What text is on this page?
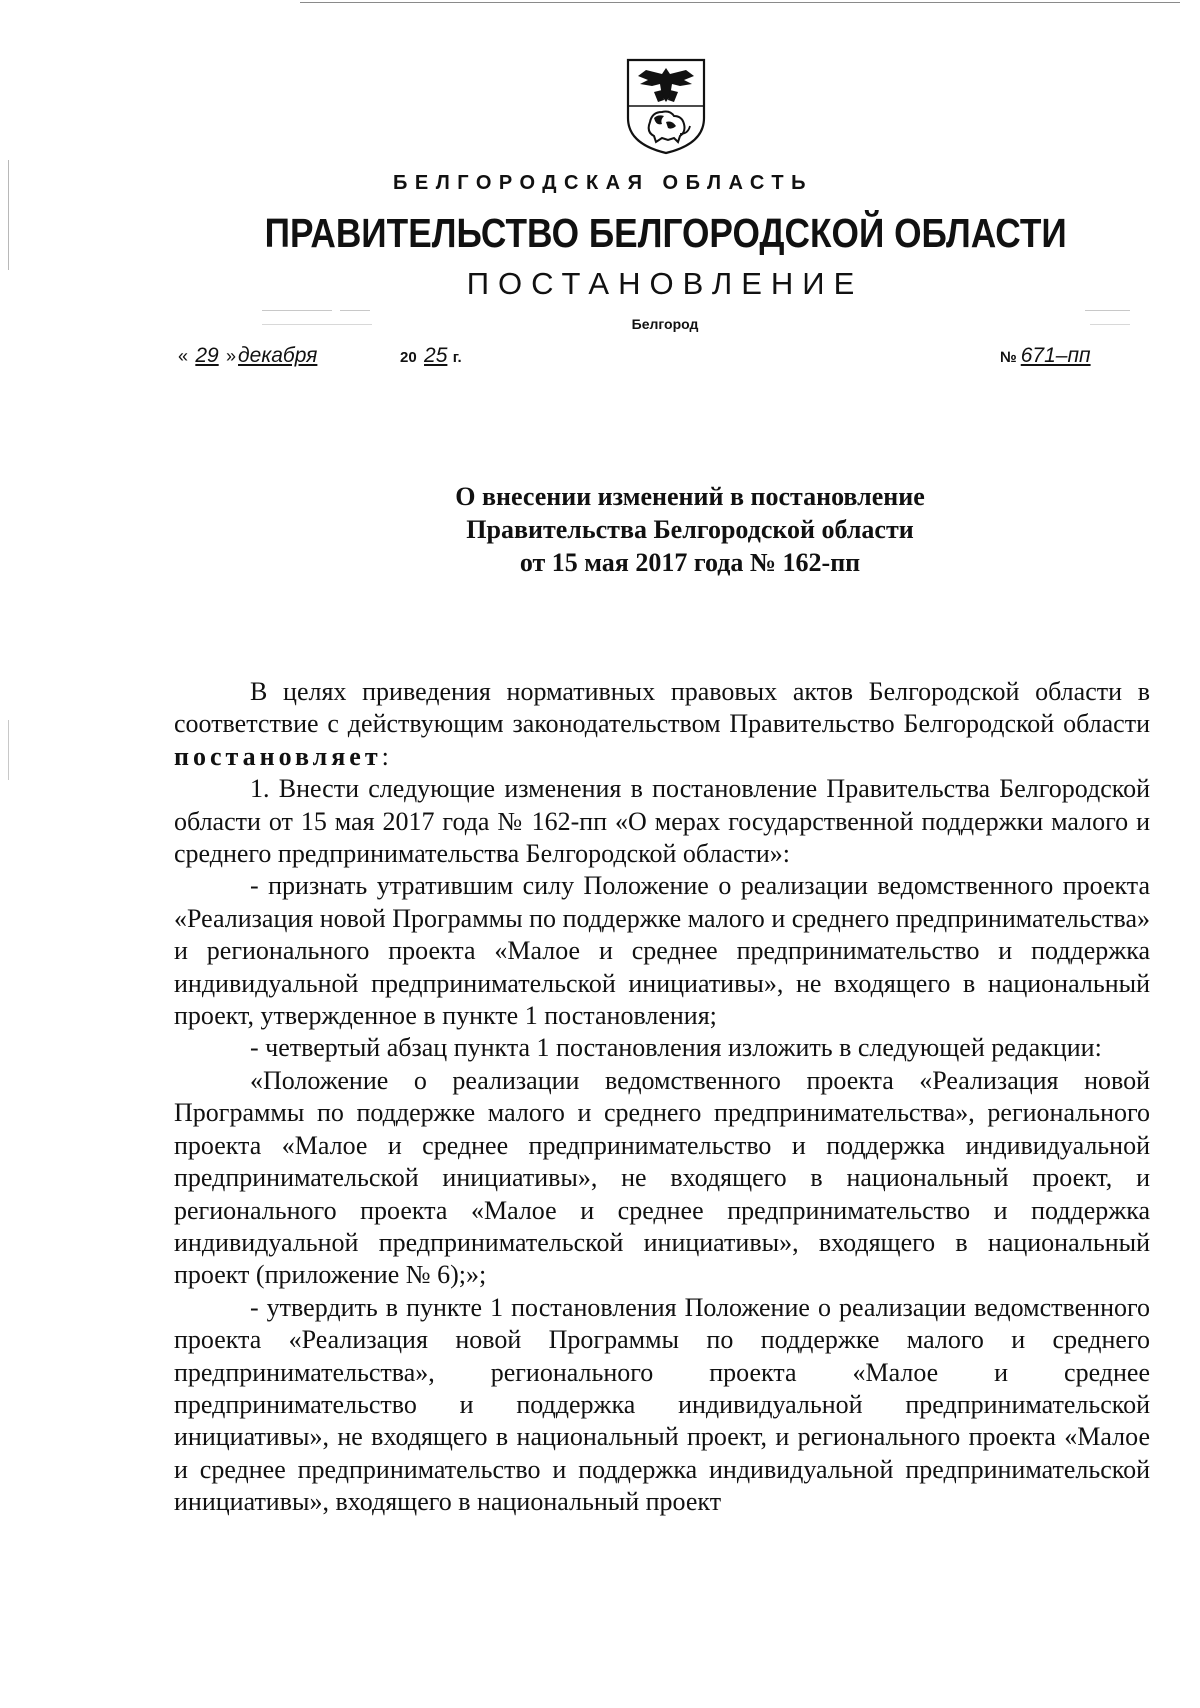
БЕЛГОРОДСКАЯ ОБЛАСТЬ
ПРАВИТЕЛЬСТВО БЕЛГОРОДСКОЙ ОБЛАСТИ
ПОСТАНОВЛЕНИЕ
Белгород
« 29 »декабря	20 25 г.	№ 671–пп
О внесении изменений в постановление
Правительства Белгородской области
от 15 мая 2017 года № 162-пп

В целях приведения нормативных правовых актов Белгородской области в соответствие с действующим законодательством Правительство Белгородской области постановляет:

1. Внести следующие изменения в постановление Правительства Белгородской области от 15 мая 2017 года № 162-пп «О мерах государственной поддержки малого и среднего предпринимательства Белгородской области»:

- признать утратившим силу Положение о реализации ведомственного проекта «Реализация новой Программы по поддержке малого и среднего предпринимательства» и регионального проекта «Малое и среднее предпринимательство и поддержка индивидуальной предпринимательской инициативы», не входящего в национальный проект, утвержденное в пункте 1 постановления;

- четвертый абзац пункта 1 постановления изложить в следующей редакции:

«Положение о реализации ведомственного проекта «Реализация новой Программы по поддержке малого и среднего предпринимательства», регионального проекта «Малое и среднее предпринимательство и поддержка индивидуальной предпринимательской инициативы», не входящего в национальный проект, и регионального проекта «Малое и среднее предпринимательство и поддержка индивидуальной предпринимательской инициативы», входящего в национальный проект (приложение № 6);»;

- утвердить в пункте 1 постановления Положение о реализации ведомственного проекта «Реализация новой Программы по поддержке малого и среднего предпринимательства», регионального проекта «Малое и среднее предпринимательство и поддержка индивидуальной предпринимательской инициативы», не входящего в национальный проект, и регионального проекта «Малое и среднее предпринимательство и поддержка индивидуальной предпринимательской инициативы», входящего в национальный проект
